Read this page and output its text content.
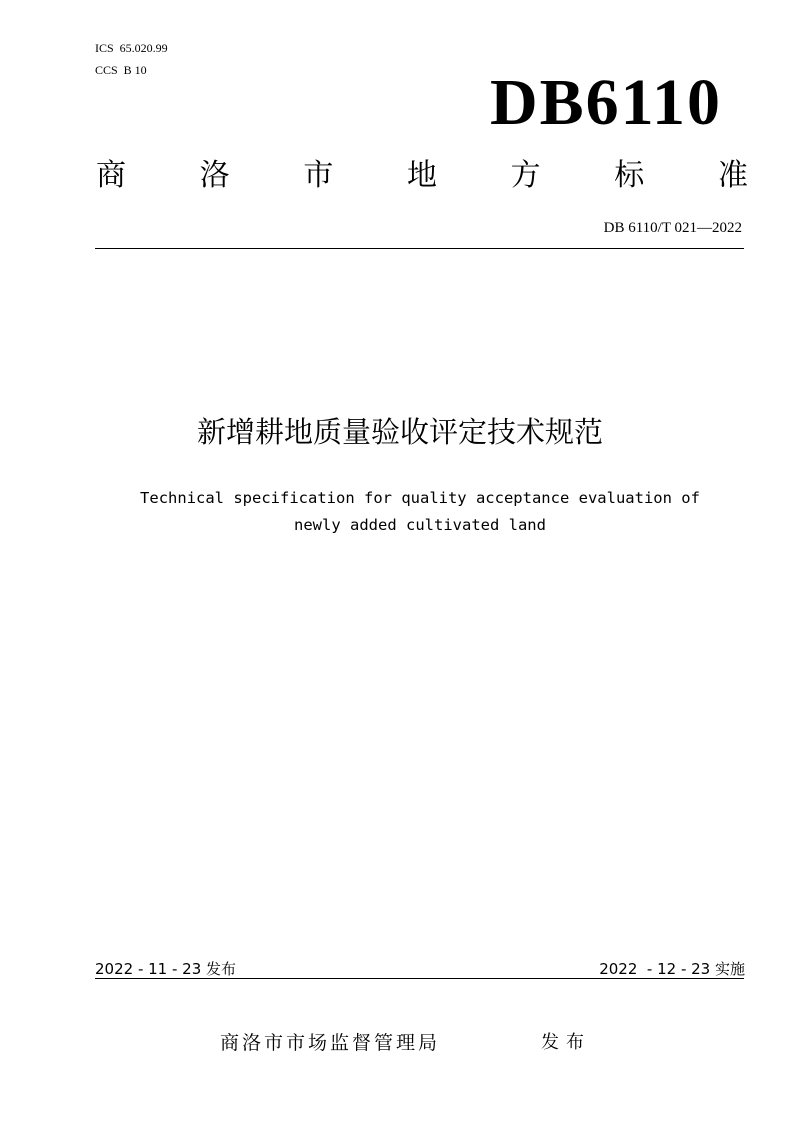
ICS  65.020.99
CCS  B 10	DB6110
商 洛 市 地 方 标 准
DB 6110/T 021—2022
新增耕地质量验收评定技术规范
Technical specification for quality acceptance evaluation of
newly added cultivated land
2022 - 11 - 23 发布	2022  - 12 - 23 实施
商洛市市场监督管理局	发布
